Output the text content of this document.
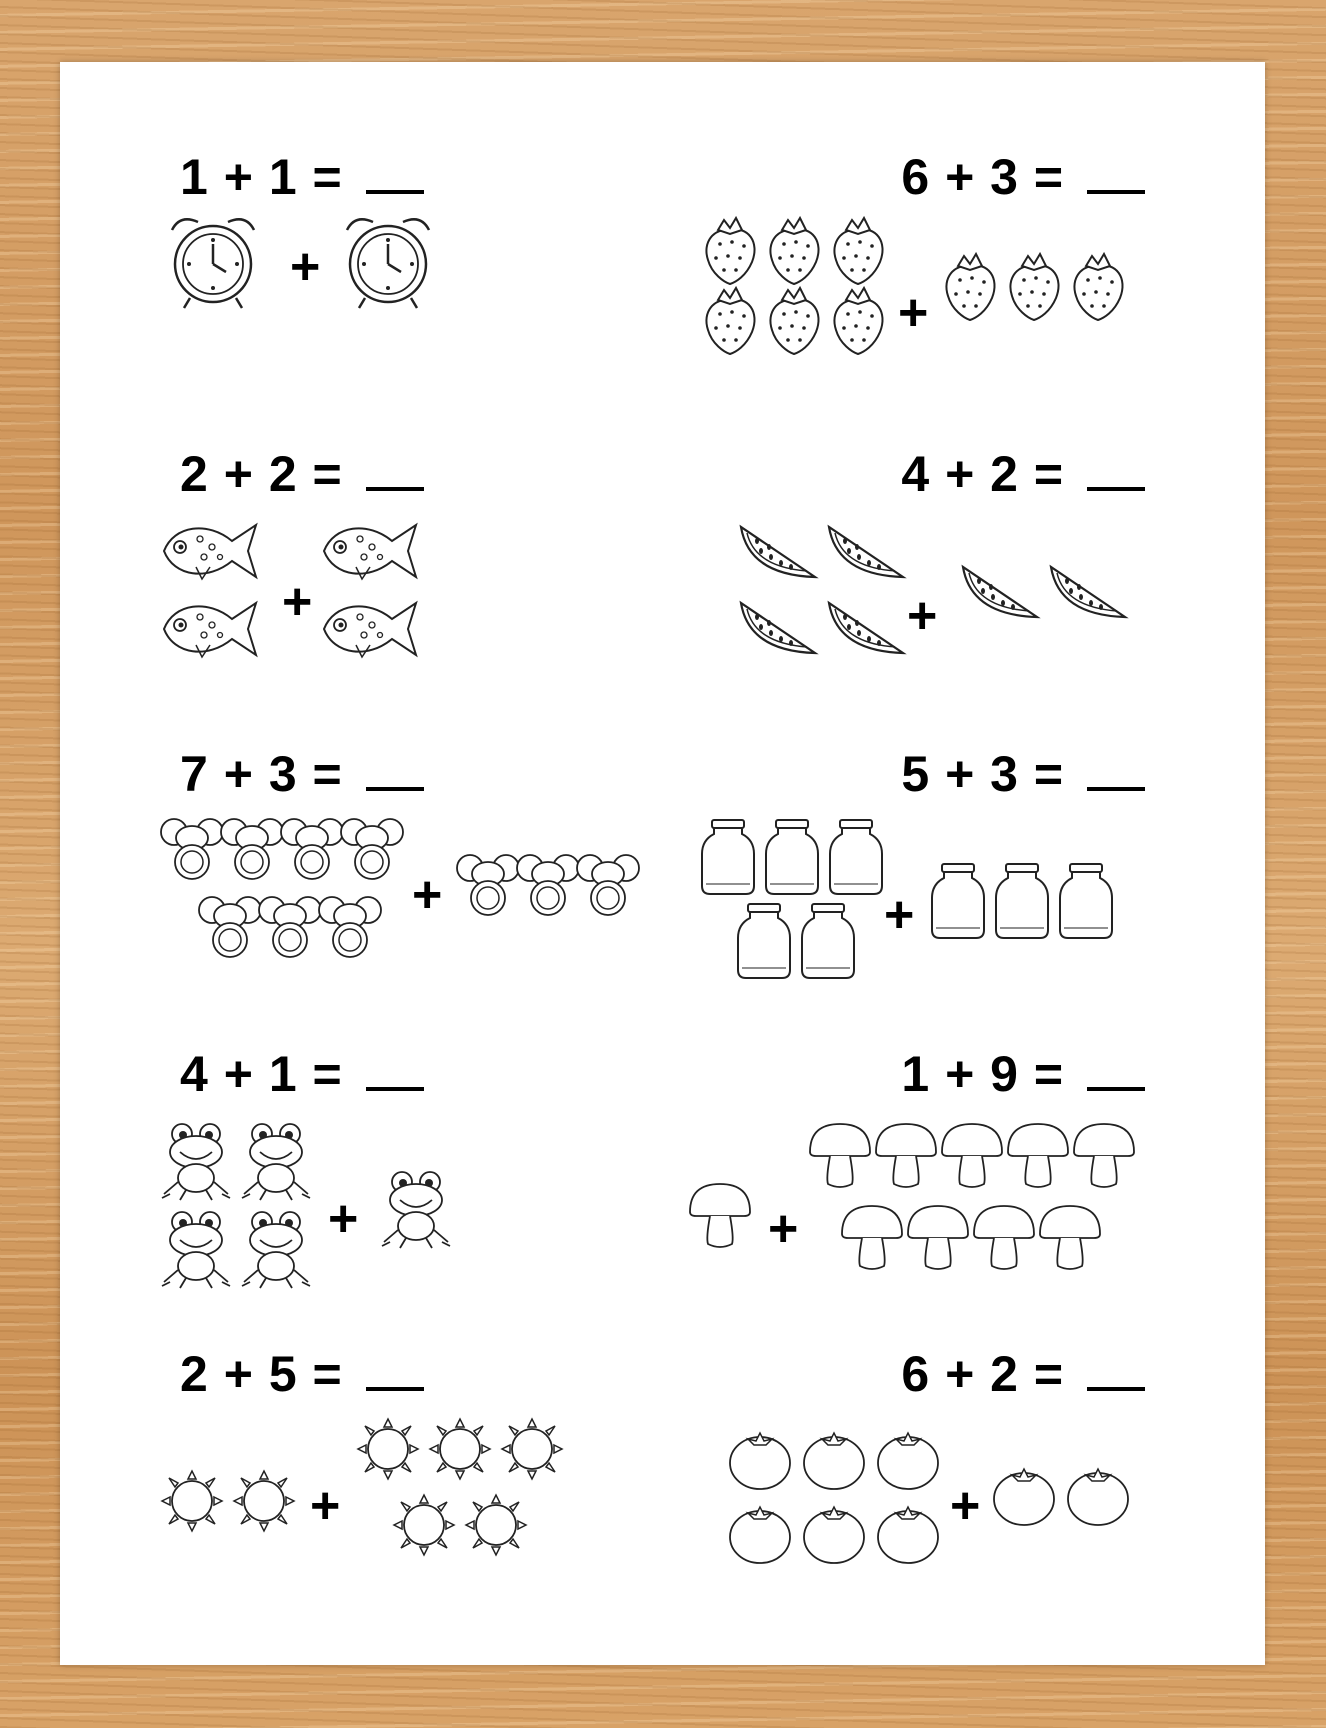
1 + 1 =
+
6 + 3 =
+
2 + 2 =
+
4 + 2 =
+
7 + 3 =
+
5 + 3 =
+
4 + 1 =
+
1 + 9 =
+
2 + 5 =
+
6 + 2 =
+
